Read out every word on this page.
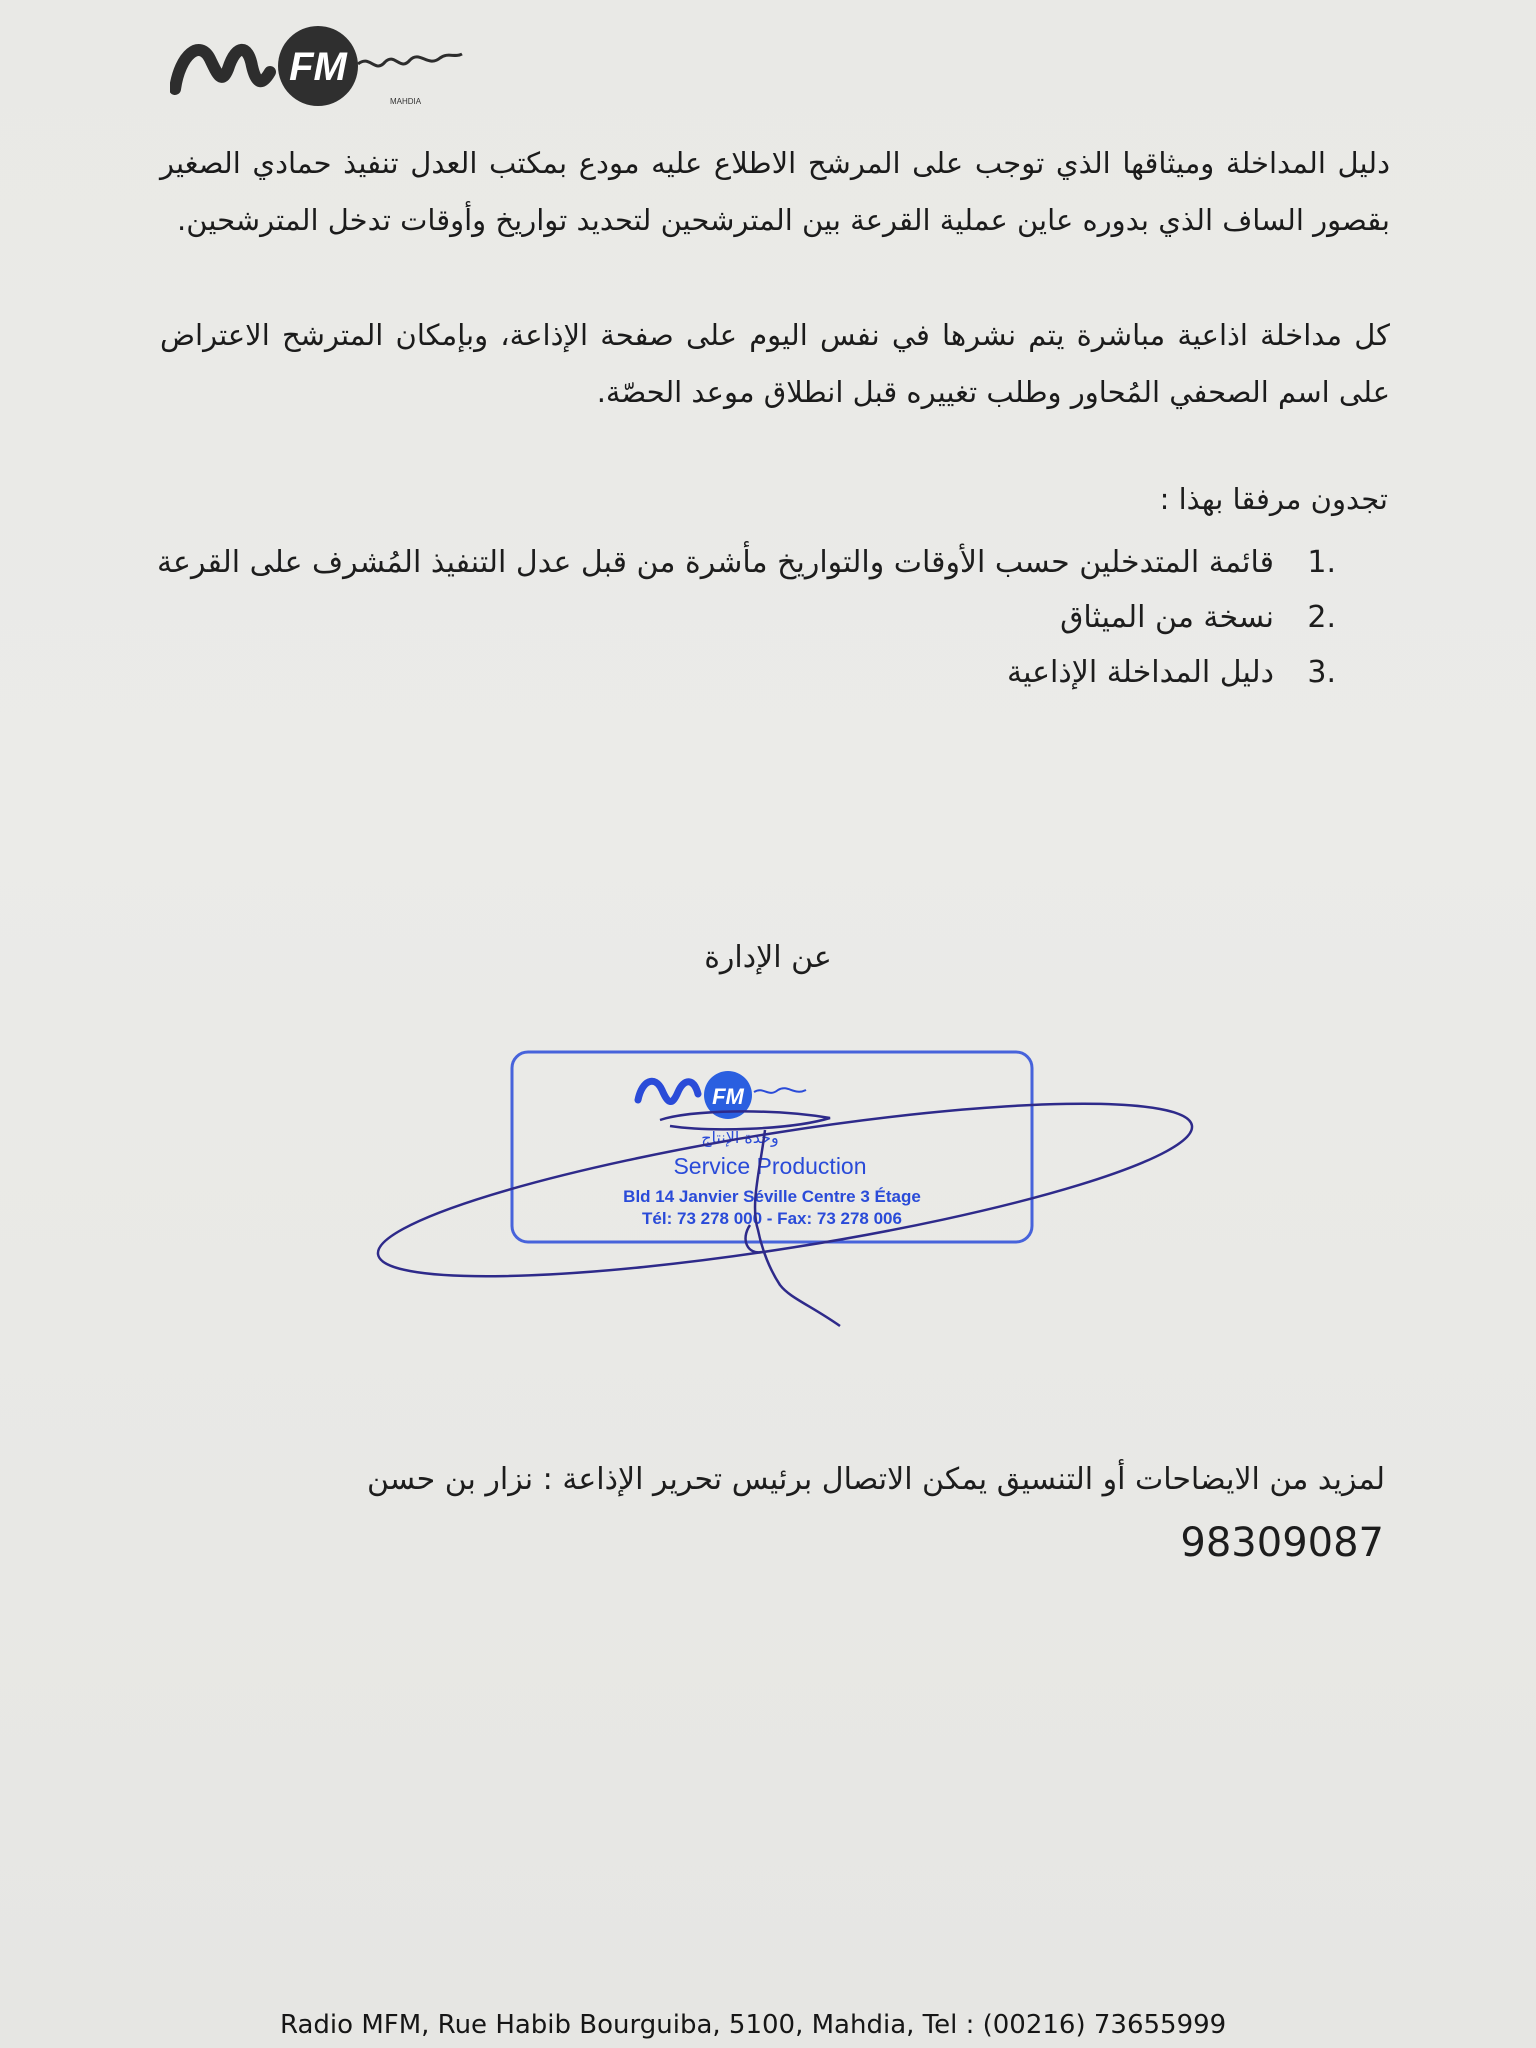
FM
MAHDIA

دليل المداخلة وميثاقها الذي توجب على المرشح الاطلاع عليه مودع بمكتب العدل تنفيذ حمادي الصغير بقصور الساف الذي بدوره عاين عملية القرعة بين المترشحين لتحديد تواريخ وأوقات تدخل المترشحين.

كل مداخلة اذاعية مباشرة يتم نشرها في نفس اليوم على صفحة الإذاعة، وبإمكان المترشح الاعتراض على اسم الصحفي المُحاور وطلب تغييره قبل انطلاق موعد الحصّة.

تجدون مرفقا بهذا :
1.
قائمة المتدخلين حسب الأوقات والتواريخ مأشرة من قبل عدل التنفيذ المُشرف على القرعة
2.
نسخة من الميثاق
3.
دليل المداخلة الإذاعية
عن الإدارة
FM
وحدة الإنتاج
Service Production
Bld 14 Janvier Séville Centre 3 Étage
Tél: 73 278 000 - Fax: 73 278 006
لمزيد من الايضاحات أو التنسيق يمكن الاتصال برئيس تحرير الإذاعة : نزار بن حسن
98309087
Radio MFM, Rue Habib Bourguiba, 5100, Mahdia, Tel : (00216) 73655999
